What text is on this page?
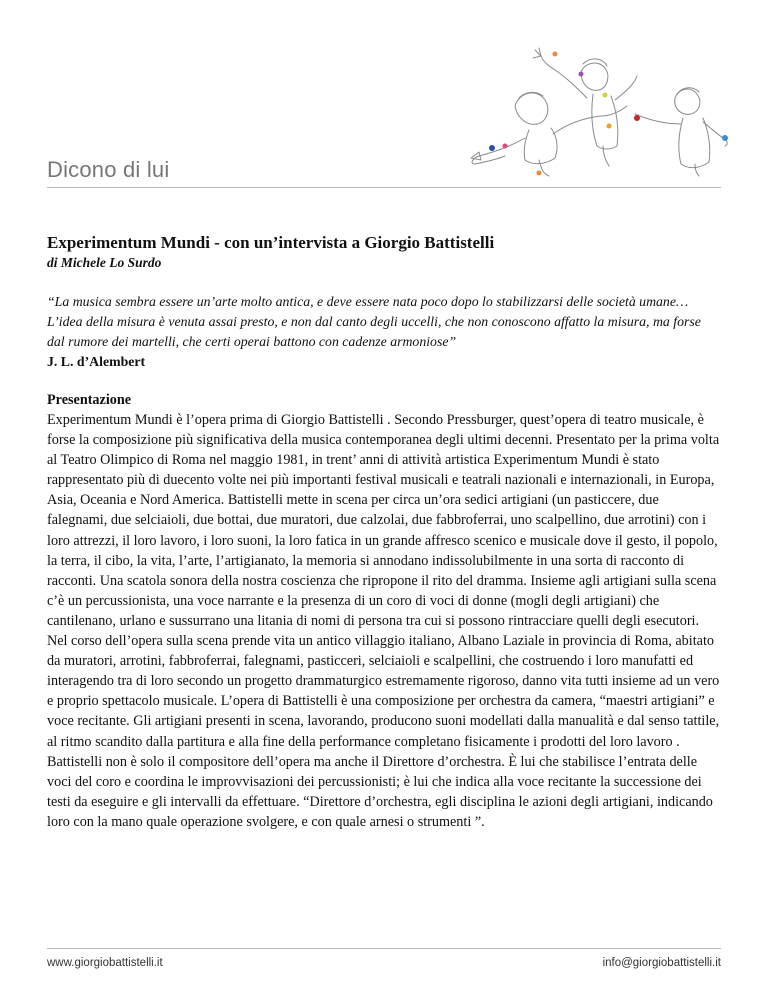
Dicono di lui

Experimentum Mundi - con un’intervista a Giorgio Battistelli

di Michele Lo Surdo

“La musica sembra essere un’arte molto antica, e deve essere nata poco dopo lo stabilizzarsi delle società umane… L’idea della misura è venuta assai presto, e non dal canto degli uccelli, che non conoscono affatto la misura, ma forse dal rumore dei martelli, che certi operai battono con cadenze armoniose”

J. L. d’Alembert

Presentazione

Experimentum Mundi è l’opera prima di Giorgio Battistelli . Secondo Pressburger, quest’opera di teatro musicale, è forse la composizione più significativa della musica contemporanea degli ultimi decenni. Presentato per la prima volta al Teatro Olimpico di Roma nel maggio 1981, in trent’ anni di attività artistica Experimentum Mundi è stato rappresentato più di duecento volte nei più importanti festival musicali e teatrali nazionali e internazionali, in Europa, Asia, Oceania e Nord America. Battistelli mette in scena per circa un’ora sedici artigiani (un pasticcere, due falegnami, due selciaioli, due bottai, due muratori, due calzolai, due fabbroferrai, uno scalpellino, due arrotini) con i loro attrezzi, il loro lavoro, i loro suoni, la loro fatica in un grande affresco scenico e musicale dove il gesto, il popolo, la terra, il cibo, la vita, l’arte, l’artigianato, la memoria si annodano indissolubilmente in una sorta di racconto di racconti. Una scatola sonora della nostra coscienza che ripropone il rito del dramma. Insieme agli artigiani sulla scena c’è un percussionista, una voce narrante e la presenza di un coro di voci di donne (mogli degli artigiani) che cantilenano, urlano e sussurrano una litania di nomi di persona tra cui si possono rintracciare quelli degli esecutori. Nel corso dell’opera sulla scena prende vita un antico villaggio italiano, Albano Laziale in provincia di Roma, abitato da muratori, arrotini, fabbroferrai, falegnami, pasticceri, selciaioli e scalpellini, che costruendo i loro manufatti ed interagendo tra di loro secondo un progetto drammaturgico estremamente rigoroso, danno vita tutti insieme ad un vero e proprio spettacolo musicale. L’opera di Battistelli è una composizione per orchestra da camera, “maestri artigiani” e voce recitante. Gli artigiani presenti in scena, lavorando, producono suoni modellati dalla manualità e dal senso tattile, al ritmo scandito dalla partitura e alla fine della performance completano fisicamente i prodotti del loro lavoro . Battistelli non è solo il compositore dell’opera ma anche il Direttore d’orchestra. È lui che stabilisce l’entrata delle voci del coro e coordina le improvvisazioni dei percussionisti; è lui che indica alla voce recitante la successione dei testi da eseguire e gli intervalli da effettuare. “Direttore d’orchestra, egli disciplina le azioni degli artigiani, indicando loro con la mano quale operazione svolgere, e con quale arnesi o strumenti ”.

www.giorgiobattistelli.it	info@giorgiobattistelli.it
